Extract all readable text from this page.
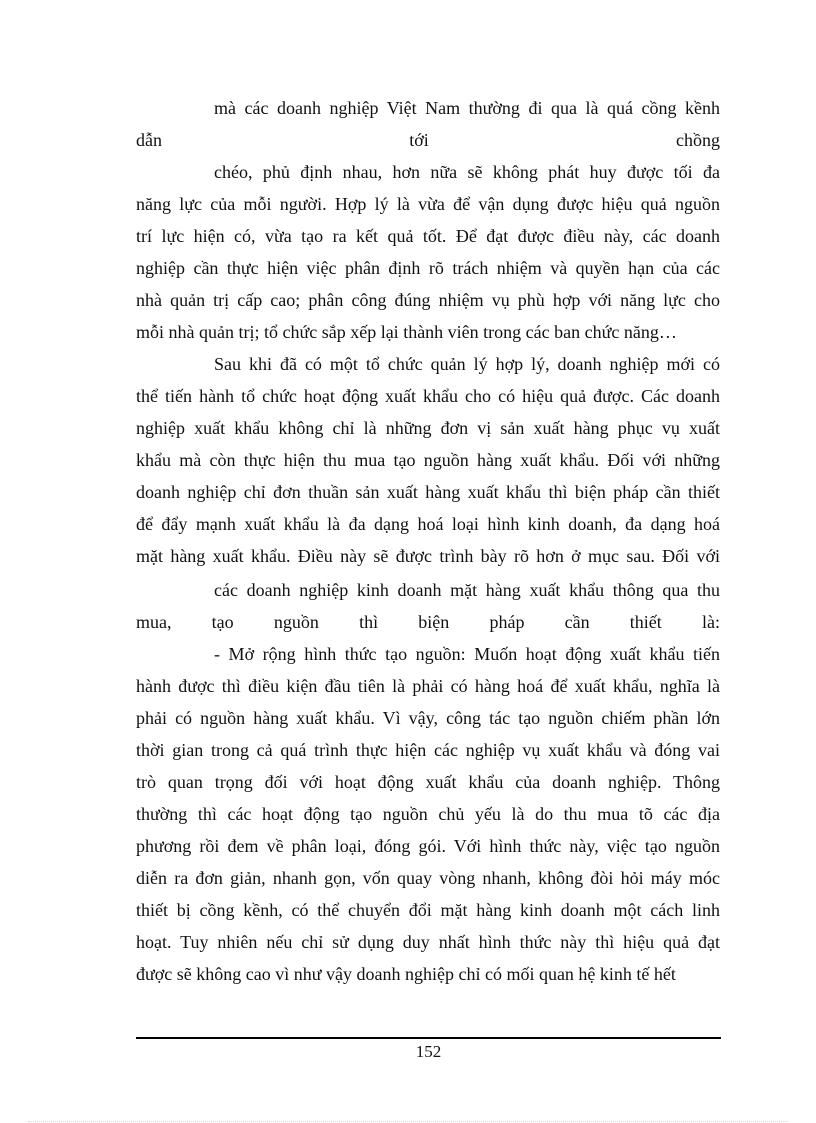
mà các doanh nghiệp Việt Nam thường đi qua là quá cồng kềnh
dẫn tới chồng
chéo, phủ định nhau, hơn nữa sẽ không phát huy được tối đa
năng lực của mỗi người. Hợp lý là vừa để vận dụng được hiệu quả nguồn
trí lực hiện có, vừa tạo ra kết quả tốt. Để đạt được điều này, các doanh
nghiệp cần thực hiện việc phân định rõ trách nhiệm và quyền hạn của các
nhà quản trị cấp cao; phân công đúng nhiệm vụ phù hợp với năng lực cho
mỗi nhà quản trị; tổ chức sắp xếp lại thành viên trong các ban chức năng…
Sau khi đã có một tổ chức quản lý hợp lý, doanh nghiệp mới có
thể tiến hành tổ chức hoạt động xuất khẩu cho có hiệu quả được. Các doanh
nghiệp xuất khẩu không chỉ là những đơn vị sản xuất hàng phục vụ xuất
khẩu mà còn thực hiện thu mua tạo nguồn hàng xuất khẩu. Đối với những
doanh nghiệp chỉ đơn thuần sản xuất hàng xuất khẩu thì biện pháp cần thiết
để đẩy mạnh xuất khẩu là đa dạng hoá loại hình kinh doanh, đa dạng hoá
mặt hàng xuất khẩu. Điều này sẽ được trình bày rõ hơn ở mục sau. Đối với
các doanh nghiệp kinh doanh mặt hàng xuất khẩu thông qua thu
mua, tạo nguồn thì biện pháp cần thiết là:
- Mở rộng hình thức tạo nguồn: Muốn hoạt động xuất khẩu tiến
hành được thì điều kiện đầu tiên là phải có hàng hoá để xuất khẩu, nghĩa là
phải có nguồn hàng xuất khẩu. Vì vậy, công tác tạo nguồn chiếm phần lớn
thời gian trong cả quá trình thực hiện các nghiệp vụ xuất khẩu và đóng vai
trò quan trọng đối với hoạt động xuất khẩu của doanh nghiệp. Thông
thường thì các hoạt động tạo nguồn chủ yếu là do thu mua tõ các địa
phương rồi đem về phân loại, đóng gói. Với hình thức này, việc tạo nguồn
diễn ra đơn giản, nhanh gọn, vốn quay vòng nhanh, không đòi hỏi máy móc
thiết bị cồng kềnh, có thể chuyển đổi mặt hàng kinh doanh một cách linh
hoạt. Tuy nhiên nếu chỉ sử dụng duy nhất hình thức này thì hiệu quả đạt
được sẽ không cao vì như vậy doanh nghiệp chỉ có mối quan hệ kinh tế hết
152
